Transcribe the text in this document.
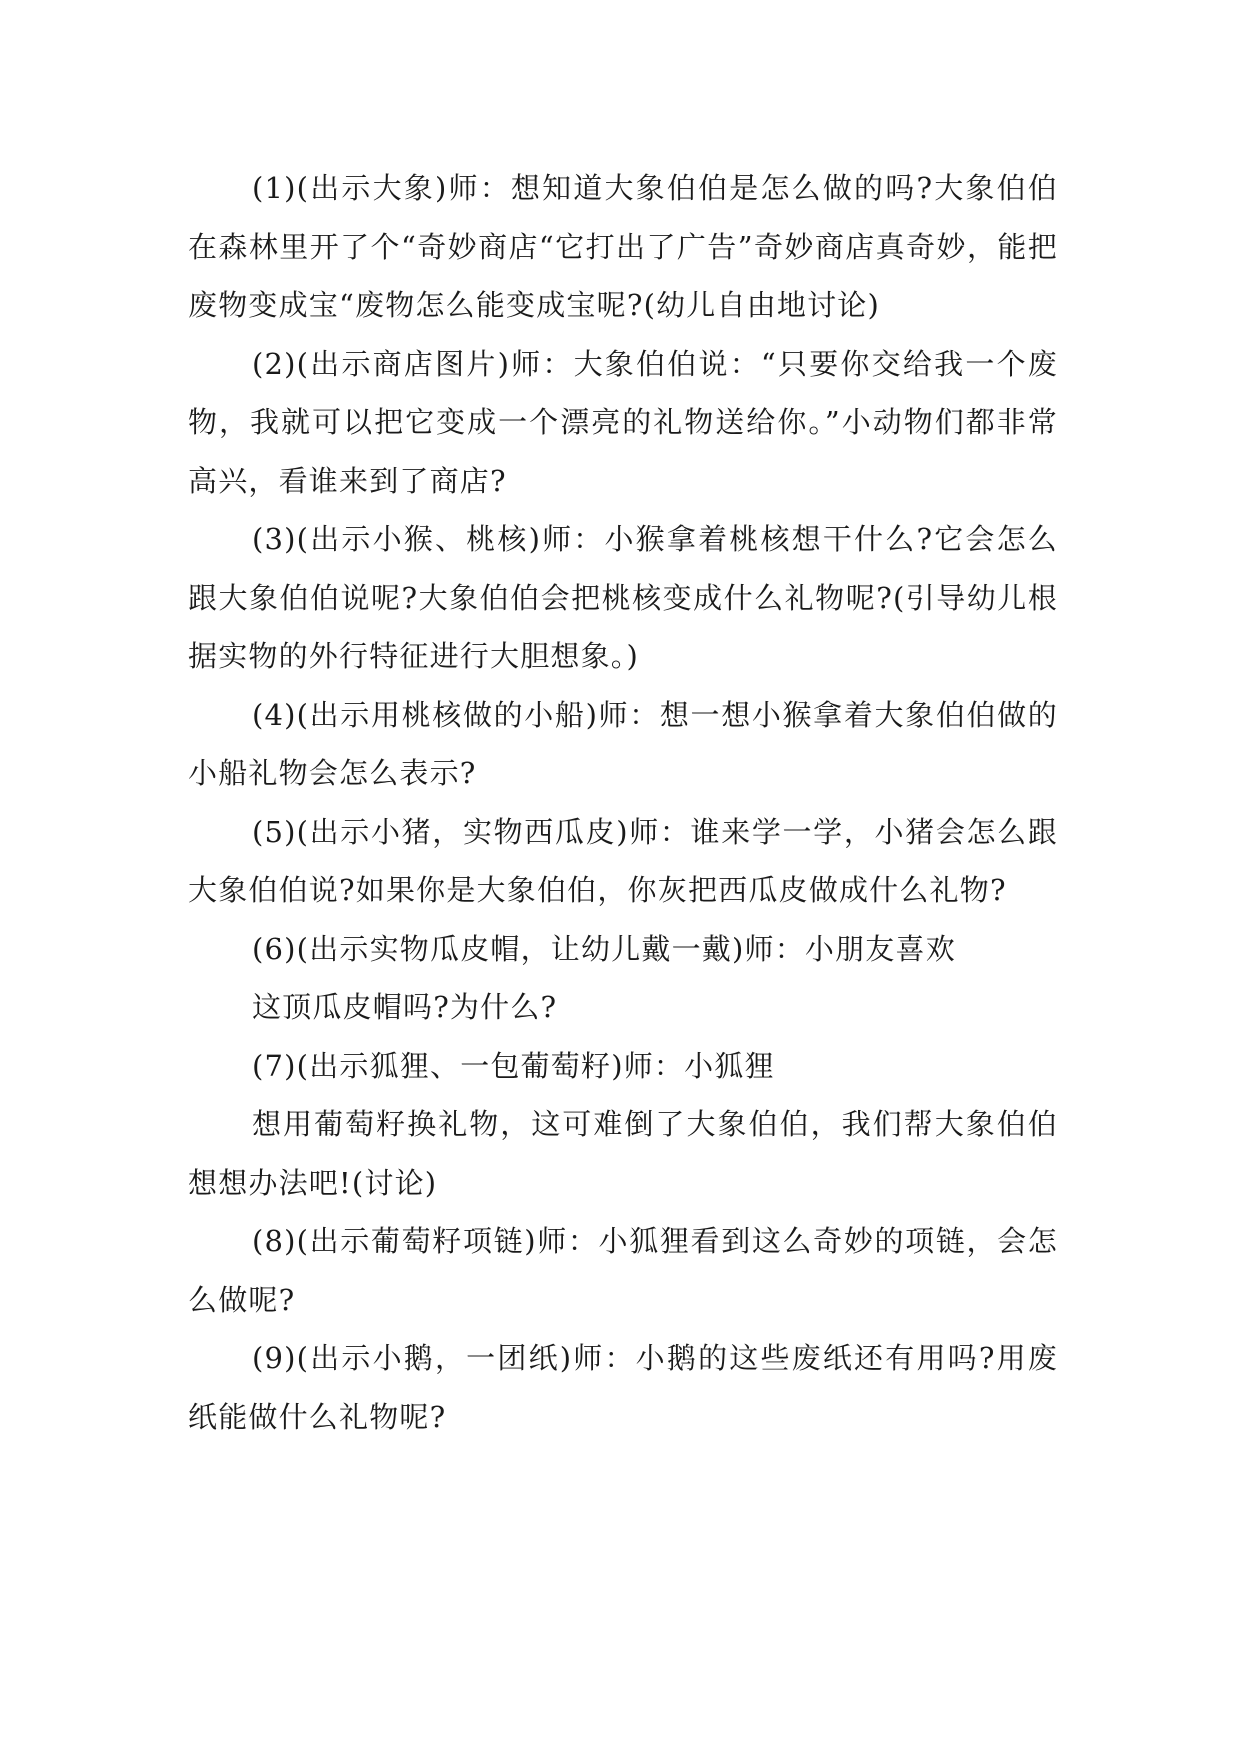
(1)(出示大象)师：想知道大象伯伯是怎么做的吗?大象伯伯在森林里开了个“奇妙商店“它打出了广告”奇妙商店真奇妙，能把废物变成宝“废物怎么能变成宝呢?(幼儿自由地讨论)

(2)(出示商店图片)师：大象伯伯说：“只要你交给我一个废物，我就可以把它变成一个漂亮的礼物送给你。”小动物们都非常高兴，看谁来到了商店?

(3)(出示小猴、桃核)师：小猴拿着桃核想干什么?它会怎么跟大象伯伯说呢?大象伯伯会把桃核变成什么礼物呢?(引导幼儿根据实物的外行特征进行大胆想象。)

(4)(出示用桃核做的小船)师：想一想小猴拿着大象伯伯做的小船礼物会怎么表示?

(5)(出示小猪，实物西瓜皮)师：谁来学一学，小猪会怎么跟大象伯伯说?如果你是大象伯伯，你灰把西瓜皮做成什么礼物?

(6)(出示实物瓜皮帽，让幼儿戴一戴)师：小朋友喜欢

这顶瓜皮帽吗?为什么?

(7)(出示狐狸、一包葡萄籽)师：小狐狸

想用葡萄籽换礼物，这可难倒了大象伯伯，我们帮大象伯伯想想办法吧!(讨论)

(8)(出示葡萄籽项链)师：小狐狸看到这么奇妙的项链，会怎么做呢?

(9)(出示小鹅，一团纸)师：小鹅的这些废纸还有用吗?用废纸能做什么礼物呢?
